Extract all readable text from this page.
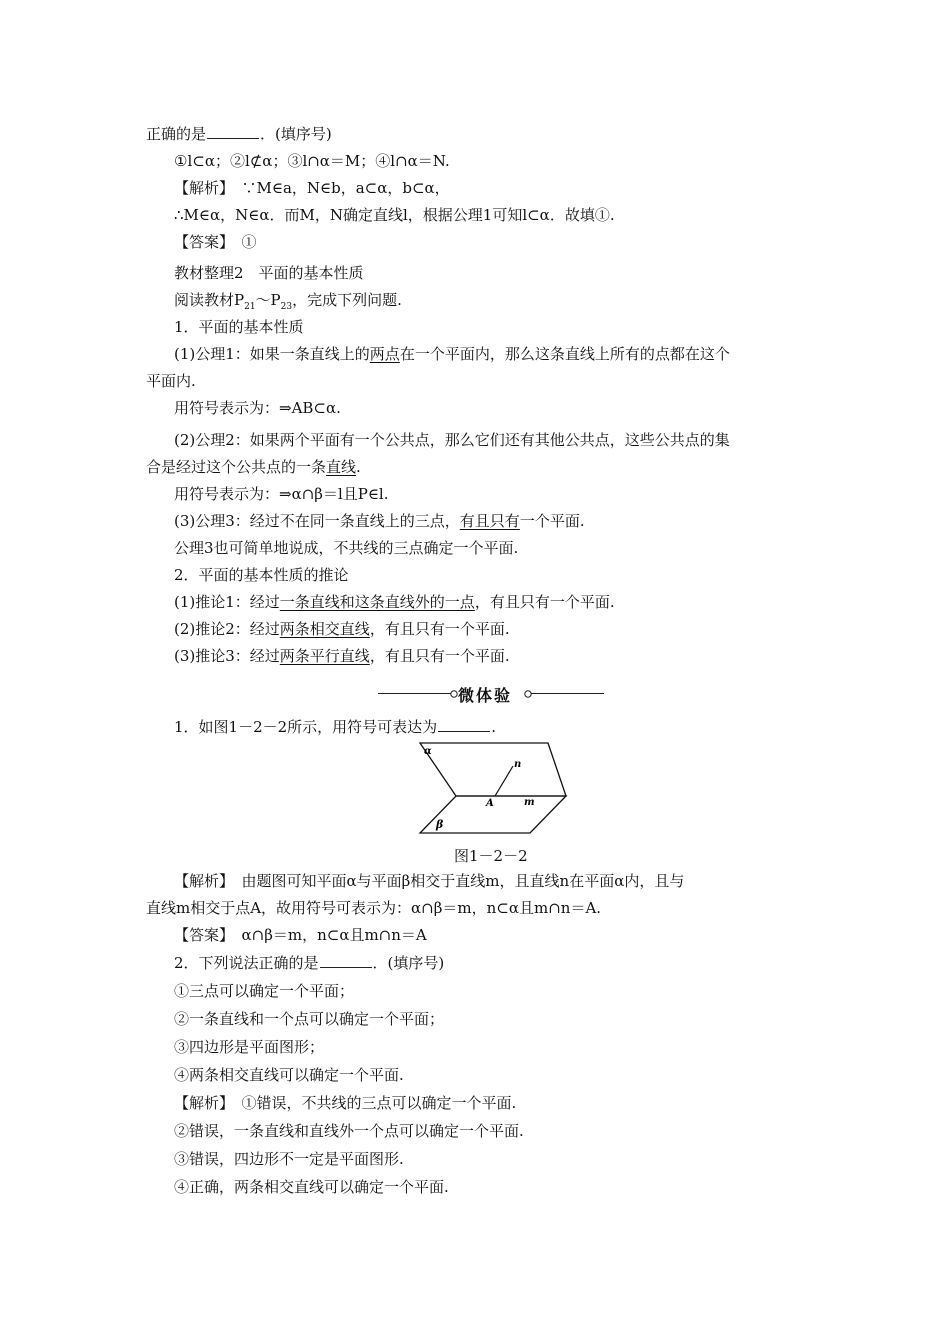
正确的是	．(填序号)
①l⊂α；②l⊄α；③l∩α＝M；④l∩α＝N.
【解析】　∵M∈a，N∈b，a⊂α，b⊂α，
∴M∈α，N∈α．而M，N确定直线l，根据公理1可知l⊂α．故填①.
【答案】　①
教材整理2　平面的基本性质
阅读教材$P_{21}\sim P_{23}$，完成下列问题.
1．平面的基本性质
(1)公理1：如果一条直线上的两点在一个平面内，那么这条直线上所有的点都在这个
平面内.
用符号表示为：⇒AB⊂α.
(2)公理2：如果两个平面有一个公共点，那么它们还有其他公共点，这些公共点的集
合是经过这个公共点的一条直线.
用符号表示为：⇒α∩β＝l且P∈l.
(3)公理3：经过不在同一条直线上的三点，有且只有一个平面.
公理3也可简单地说成，不共线的三点确定一个平面.
2．平面的基本性质的推论
(1)推论1：经过一条直线和这条直线外的一点，有且只有一个平面.
(2)推论2：经过两条相交直线，有且只有一个平面.
(3)推论3：经过两条平行直线，有且只有一个平面.
微体验
1．如图1－2－2所示，用符号可表达为	.
α
n
A	m
β
图1－2－2
【解析】　由题图可知平面α与平面β相交于直线m，且直线n在平面α内，且与
直线m相交于点A，故用符号可表示为：α∩β＝m，n⊂α且m∩n＝A.
【答案】　α∩β＝m，n⊂α且m∩n＝A
2．下列说法正确的是	．(填序号)
①三点可以确定一个平面；
②一条直线和一个点可以确定一个平面；
③四边形是平面图形；
④两条相交直线可以确定一个平面.
【解析】　①错误，不共线的三点可以确定一个平面.
②错误，一条直线和直线外一个点可以确定一个平面.
③错误，四边形不一定是平面图形.
④正确，两条相交直线可以确定一个平面.
